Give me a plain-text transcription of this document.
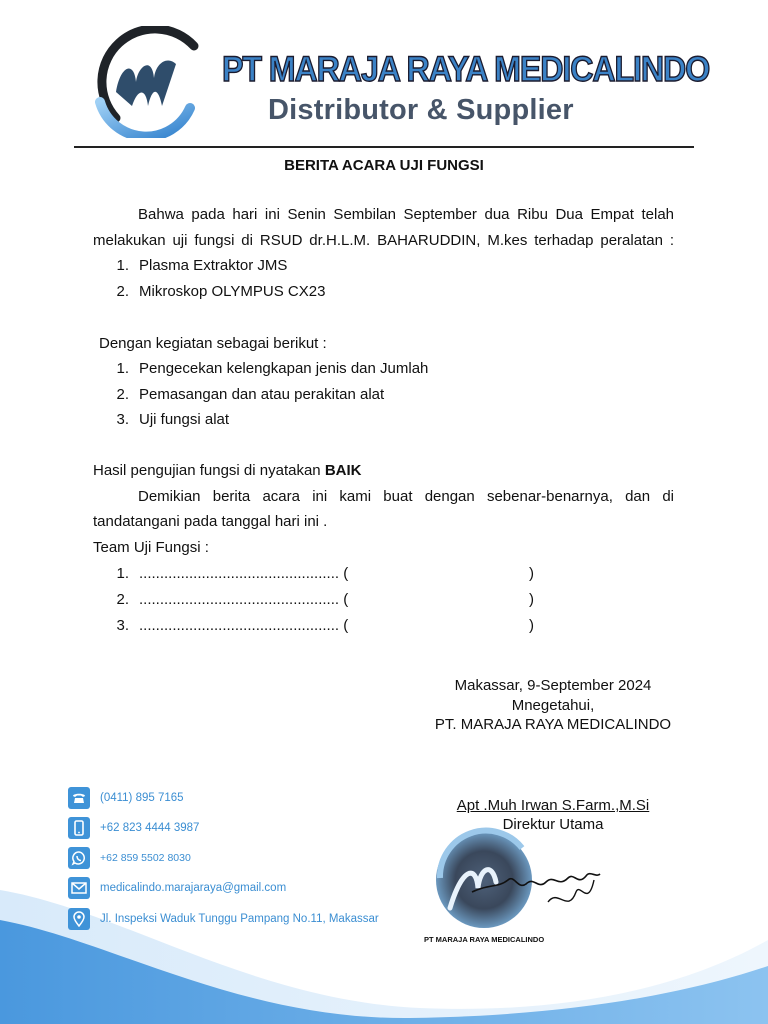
PT MARAJA RAYA MEDICALINDO
Distributor & Supplier
BERITA ACARA UJI FUNGSI
Bahwa pada hari ini Senin Sembilan September dua Ribu Dua Empat telah
melakukan uji fungsi di RSUD dr.H.L.M. BAHARUDDIN, M.kes terhadap peralatan :
1. Plasma Extraktor JMS
2. Mikroskop OLYMPUS CX23
Dengan kegiatan sebagai berikut :
1. Pengecekan kelengkapan jenis dan Jumlah
2. Pemasangan dan atau perakitan alat
3. Uji fungsi alat
Hasil pengujian fungsi di nyatakan BAIK
Demikian berita acara ini kami buat dengan sebenar-benarnya, dan di
tandatangani pada tanggal hari ini .
Team Uji Fungsi :
1. ................................................ (	)
2. ................................................ (	)
3. ................................................ (	)
Makassar, 9-September 2024
Mnegetahui,
PT. MARAJA RAYA MEDICALINDO
(0411) 895 7165
+62 823 4444 3987
+62 859 5502 8030
medicalindo.marajaraya@gmail.com
Jl. Inspeksi Waduk Tunggu Pampang No.11, Makassar
PT MARAJA RAYA MEDICALINDO
Apt .Muh Irwan S.Farm.,M.Si
Direktur Utama
